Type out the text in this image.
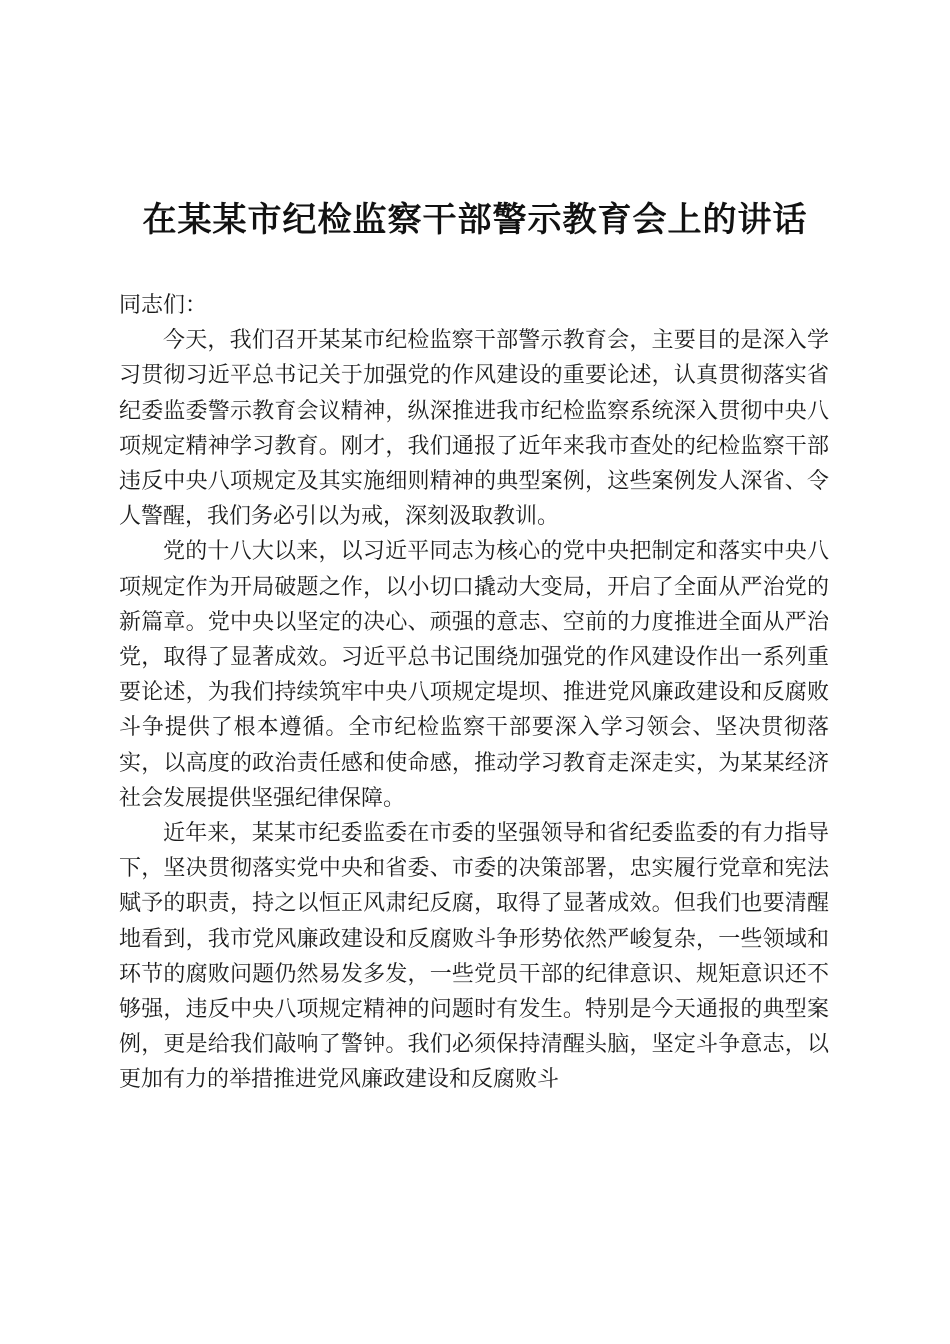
在某某市纪检监察干部警示教育会上的讲话

同志们：

今天，我们召开某某市纪检监察干部警示教育会，主要目的是深入学习贯彻习近平总书记关于加强党的作风建设的重要论述，认真贯彻落实省纪委监委警示教育会议精神，纵深推进我市纪检监察系统深入贯彻中央八项规定精神学习教育。刚才，我们通报了近年来我市查处的纪检监察干部违反中央八项规定及其实施细则精神的典型案例，这些案例发人深省、令人警醒，我们务必引以为戒，深刻汲取教训。

党的十八大以来，以习近平同志为核心的党中央把制定和落实中央八项规定作为开局破题之作，以小切口撬动大变局，开启了全面从严治党的新篇章。党中央以坚定的决心、顽强的意志、空前的力度推进全面从严治党，取得了显著成效。习近平总书记围绕加强党的作风建设作出一系列重要论述，为我们持续筑牢中央八项规定堤坝、推进党风廉政建设和反腐败斗争提供了根本遵循。全市纪检监察干部要深入学习领会、坚决贯彻落实，以高度的政治责任感和使命感，推动学习教育走深走实，为某某经济社会发展提供坚强纪律保障。

近年来，某某市纪委监委在市委的坚强领导和省纪委监委的有力指导下，坚决贯彻落实党中央和省委、市委的决策部署，忠实履行党章和宪法赋予的职责，持之以恒正风肃纪反腐，取得了显著成效。但我们也要清醒地看到，我市党风廉政建设和反腐败斗争形势依然严峻复杂，一些领域和环节的腐败问题仍然易发多发，一些党员干部的纪律意识、规矩意识还不够强，违反中央八项规定精神的问题时有发生。特别是今天通报的典型案例，更是给我们敲响了警钟。我们必须保持清醒头脑，坚定斗争意志，以更加有力的举措推进党风廉政建设和反腐败斗
